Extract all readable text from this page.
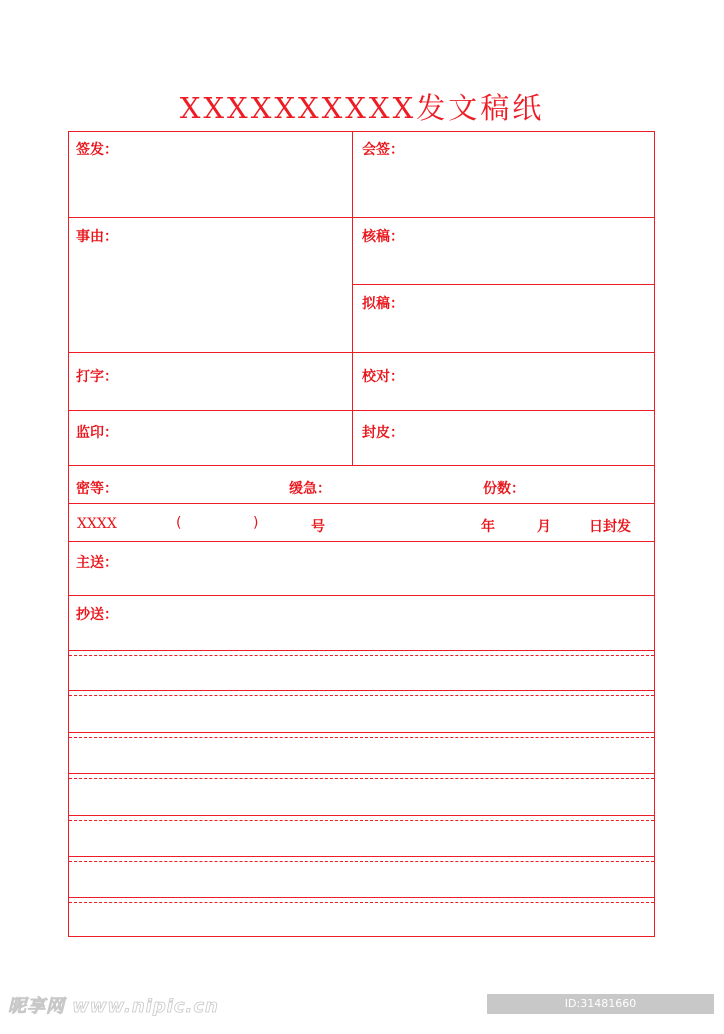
XXXXXXXXXX发文稿纸
签发：	会签：
事由：	核稿：
拟稿：
打字：	校对：
监印：	封皮：
密等：	缓急：	份数：
XXXX	(	)	号	年	月	日封发
主送：
抄送：
昵享网 www.nipic.cn	ID:31481660 NO:20211109203750420108
